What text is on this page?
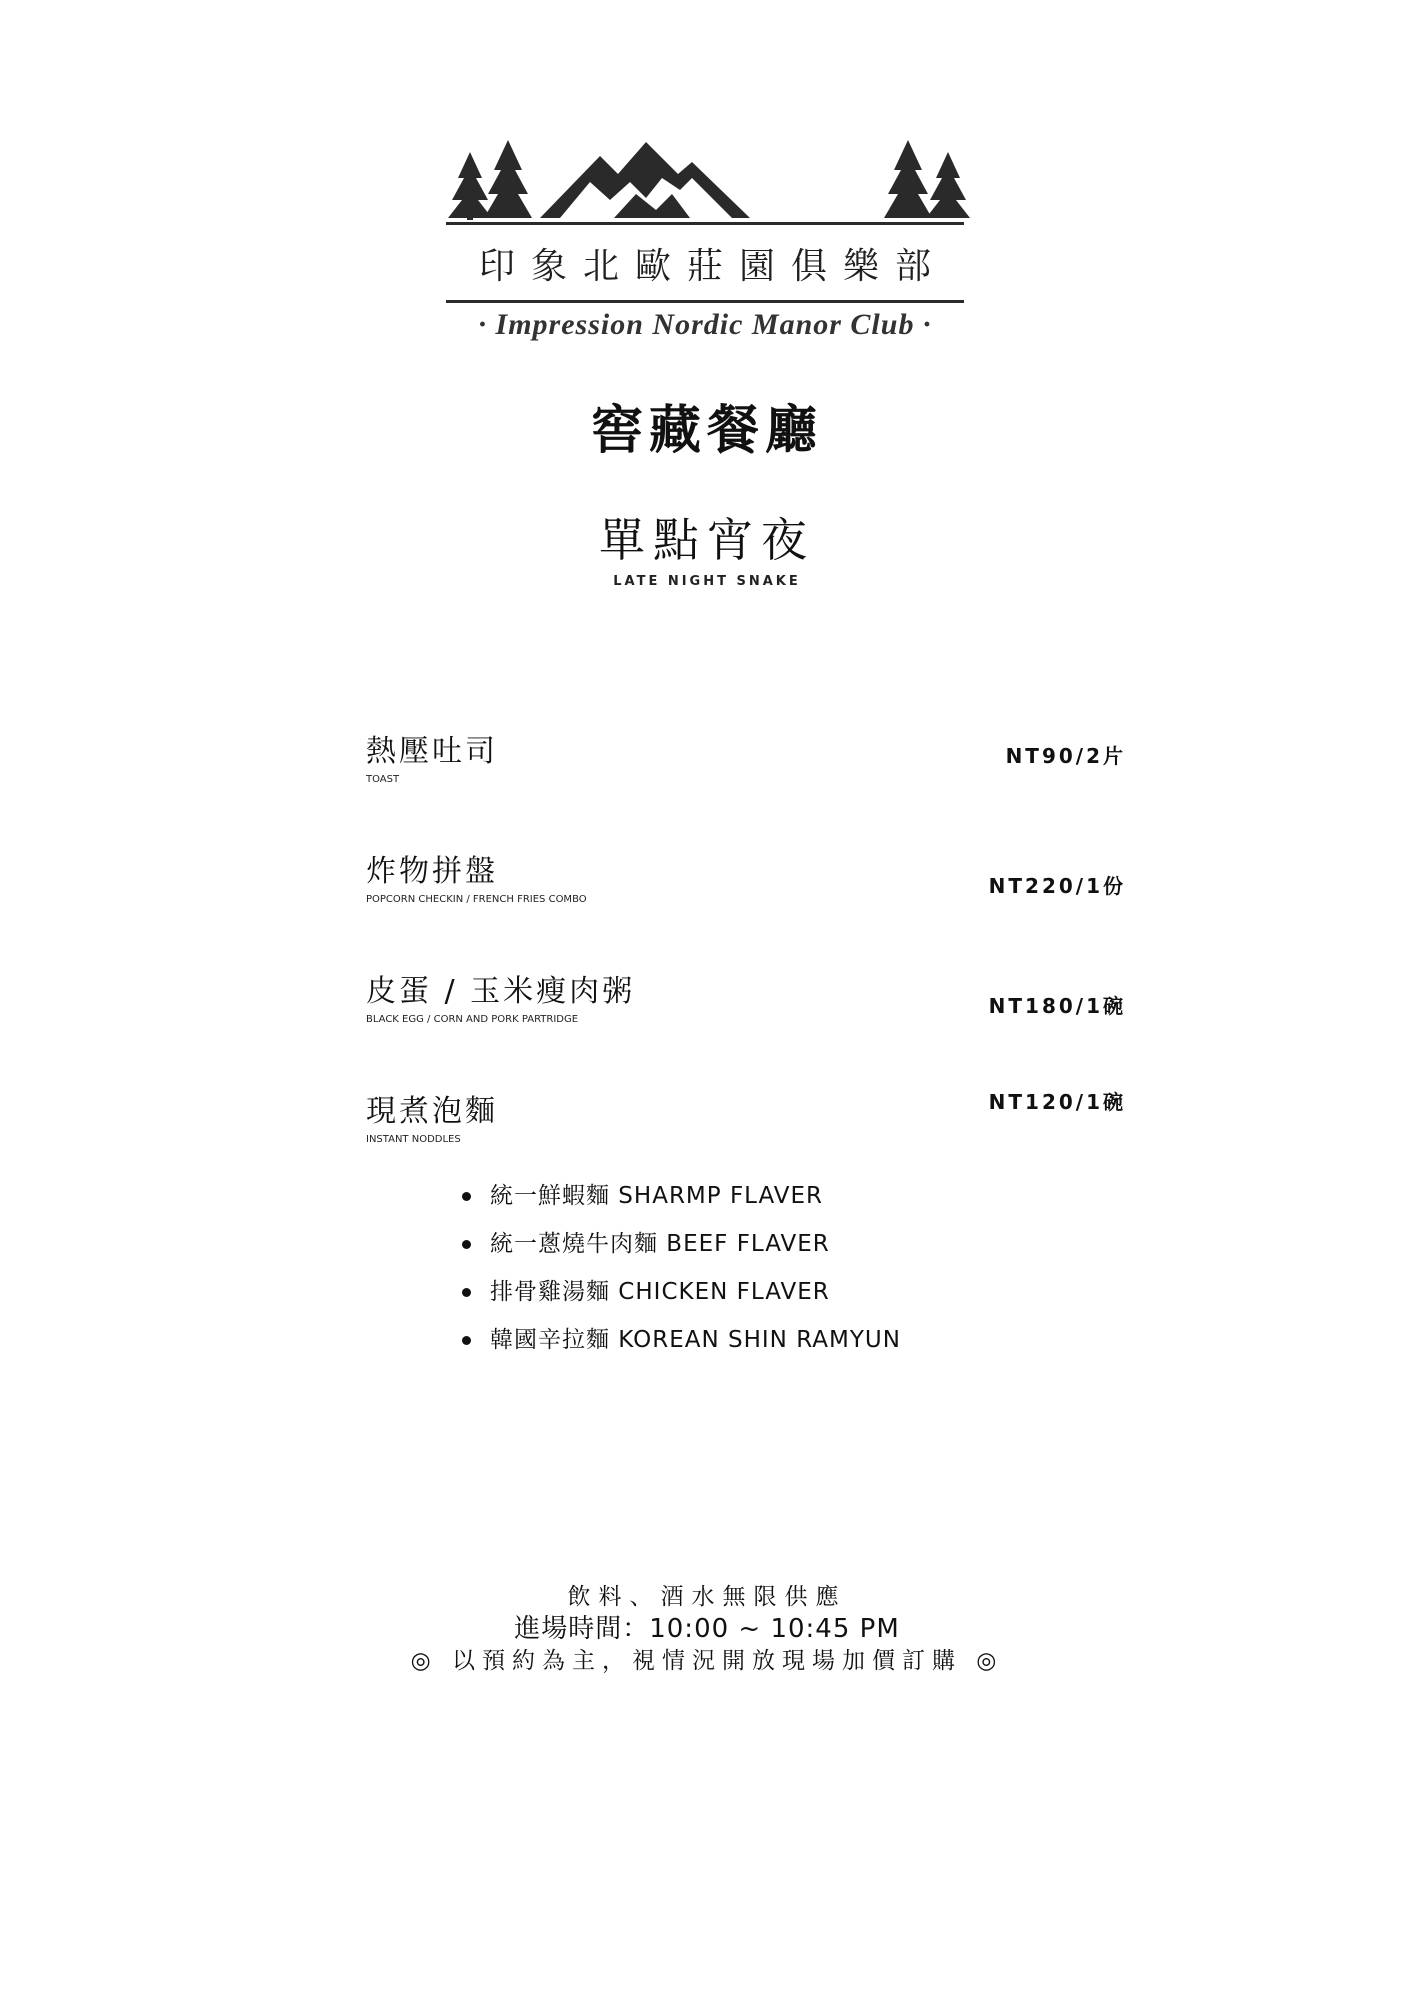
印象北歐莊園俱樂部
· Impression Nordic Manor Club ·
窖藏餐廳
單點宵夜
LATE NIGHT SNAKE
熱壓吐司
TOAST
NT90/2片
炸物拼盤
POPCORN CHECKIN / FRENCH FRIES COMBO
NT220/1份
皮蛋 / 玉米瘦肉粥
BLACK EGG / CORN AND PORK PARTRIDGE
NT180/1碗
現煮泡麵
INSTANT NODDLES
NT120/1碗
統一鮮蝦麵 SHARMP FLAVER
統一蔥燒牛肉麵 BEEF FLAVER
排骨雞湯麵 CHICKEN FLAVER
韓國辛拉麵 KOREAN SHIN RAMYUN
飲料、酒水無限供應
進場時間：10:00 ~ 10:45 PM
◎ 以預約為主，視情況開放現場加價訂購 ◎
